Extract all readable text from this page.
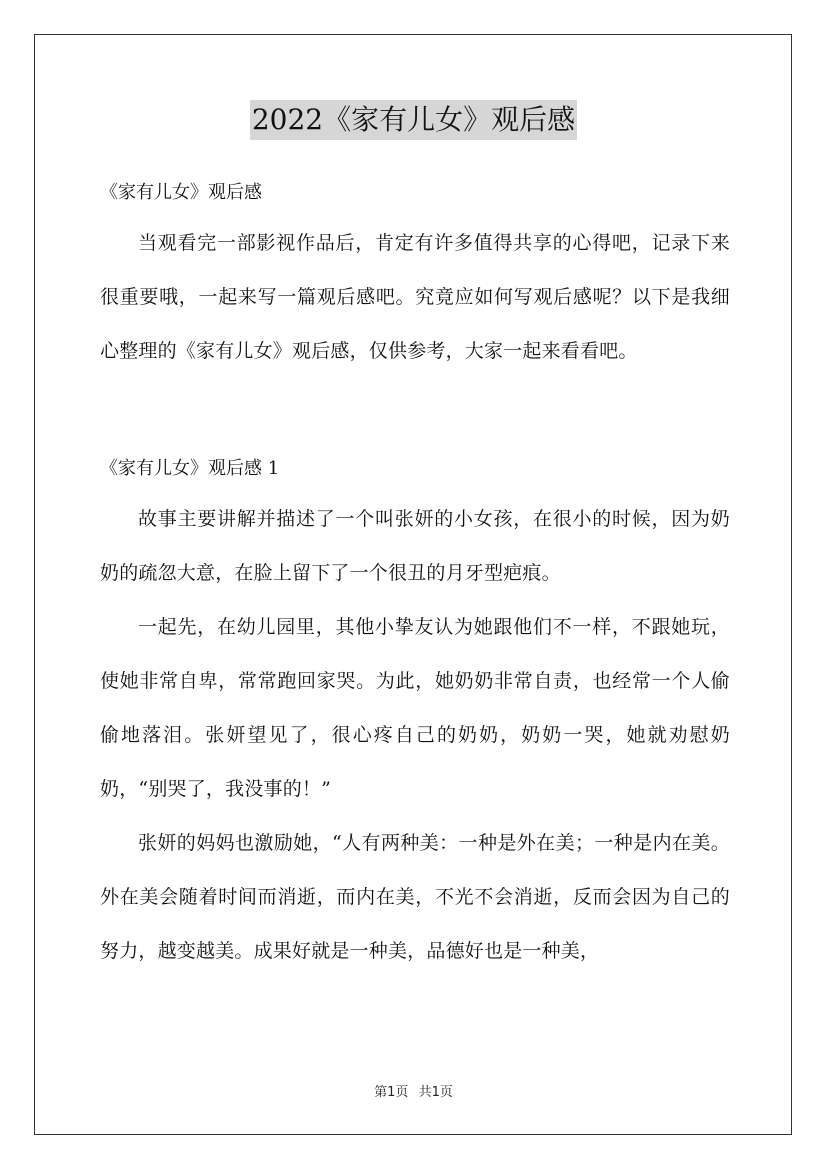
2022《家有儿女》观后感
《家有儿女》观后感

当观看完一部影视作品后，肯定有许多值得共享的心得吧，记录下来很重要哦，一起来写一篇观后感吧。究竟应如何写观后感呢？以下是我细心整理的《家有儿女》观后感，仅供参考，大家一起来看看吧。

《家有儿女》观后感 1

故事主要讲解并描述了一个叫张妍的小女孩，在很小的时候，因为奶奶的疏忽大意，在脸上留下了一个很丑的月牙型疤痕。

一起先，在幼儿园里，其他小挚友认为她跟他们不一样，不跟她玩，使她非常自卑，常常跑回家哭。为此，她奶奶非常自责，也经常一个人偷偷地落泪。张妍望见了，很心疼自己的奶奶，奶奶一哭，她就劝慰奶奶，“别哭了，我没事的！”

张妍的妈妈也激励她，“人有两种美：一种是外在美；一种是内在美。外在美会随着时间而消逝，而内在美，不光不会消逝，反而会因为自己的努力，越变越美。成果好就是一种美，品德好也是一种美，

第1页 共1页
